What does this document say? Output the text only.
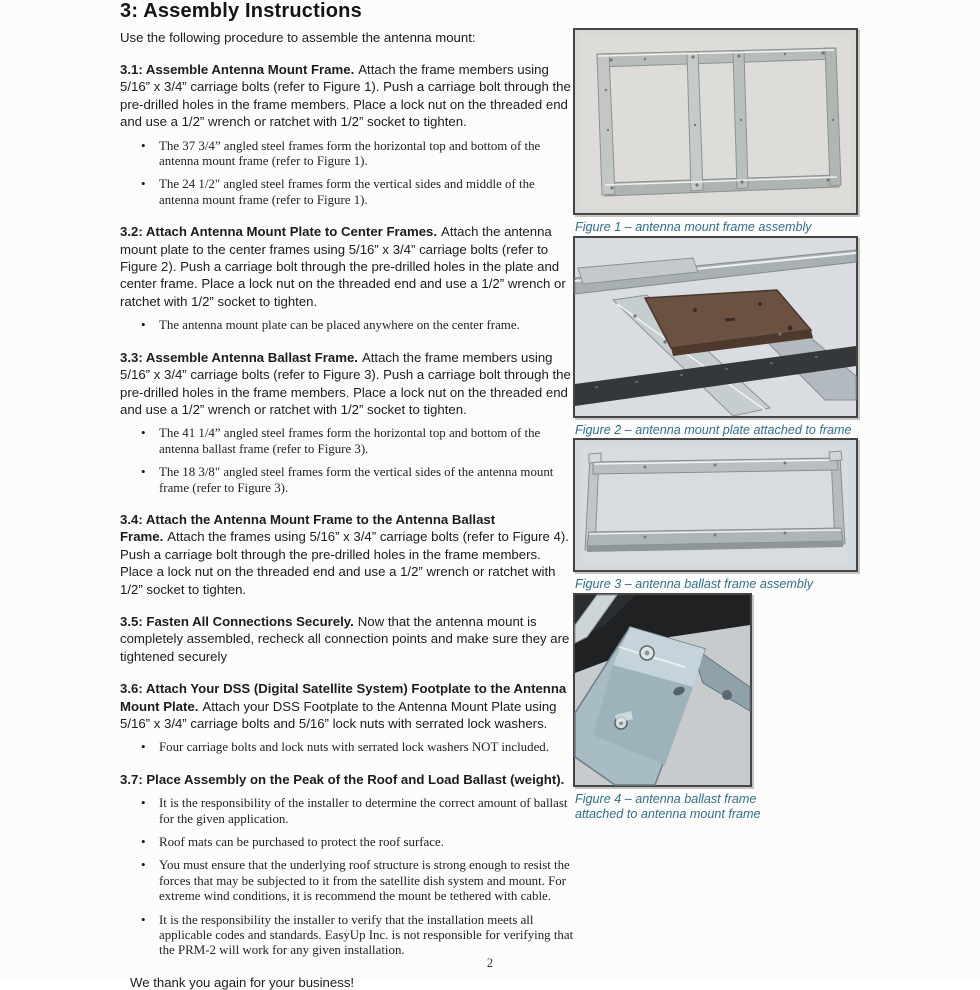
3: Assembly Instructions

Use the following procedure to assemble the antenna mount:

3.1: Assemble Antenna Mount Frame. Attach the frame members using 5/16” x 3/4” carriage bolts (refer to Figure 1). Push a carriage bolt through the pre-drilled holes in the frame members. Place a lock nut on the threaded end and use a 1/2” wrench or ratchet with 1/2” socket to tighten.

• The 37 3/4” angled steel frames form the horizontal top and bottom of the antenna mount frame (refer to Figure 1).
• The 24 1/2" angled steel frames form the vertical sides and middle of the antenna mount frame (refer to Figure 1).

3.2: Attach Antenna Mount Plate to Center Frames. Attach the antenna mount plate to the center frames using 5/16” x 3/4” carriage bolts (refer to Figure 2). Push a carriage bolt through the pre-drilled holes in the plate and center frame. Place a lock nut on the threaded end and use a 1/2” wrench or ratchet with 1/2” socket to tighten.

• The antenna mount plate can be placed anywhere on the center frame.

3.3: Assemble Antenna Ballast Frame. Attach the frame members using 5/16” x 3/4” carriage bolts (refer to Figure 3). Push a carriage bolt through the pre-drilled holes in the frame members. Place a lock nut on the threaded end and use a 1/2” wrench or ratchet with 1/2” socket to tighten.

• The 41 1/4” angled steel frames form the horizontal top and bottom of the antenna ballast frame (refer to Figure 3).
• The 18 3/8" angled steel frames form the vertical sides of the antenna mount frame (refer to Figure 3).

3.4: Attach the Antenna Mount Frame to the Antenna Ballast Frame. Attach the frames using 5/16” x 3/4” carriage bolts (refer to Figure 4). Push a carriage bolt through the pre-drilled holes in the frame members. Place a lock nut on the threaded end and use a 1/2” wrench or ratchet with 1/2” socket to tighten.

3.5: Fasten All Connections Securely. Now that the antenna mount is completely assembled, recheck all connection points and make sure they are tightened securely

3.6: Attach Your DSS (Digital Satellite System) Footplate to the Antenna Mount Plate. Attach your DSS Footplate to the Antenna Mount Plate using 5/16” x 3/4” carriage bolts and 5/16” lock nuts with serrated lock washers.

• Four carriage bolts and lock nuts with serrated lock washers NOT included.

3.7: Place Assembly on the Peak of the Roof and Load Ballast (weight).

• It is the responsibility of the installer to determine the correct amount of ballast for the given application.
• Roof mats can be purchased to protect the roof surface.
• You must ensure that the underlying roof structure is strong enough to resist the forces that may be subjected to it from the satellite dish system and mount. For extreme wind conditions, it is recommend the mount be tethered with cable.
• It is the responsibility the installer to verify that the installation meets all applicable codes and standards. EasyUp Inc. is not responsible for verifying that the PRM-2 will work for any given installation.

We thank you again for your business!

Figure 1 – antenna mount frame assembly
Figure 2 – antenna mount plate attached to frame
Figure 3 – antenna ballast frame assembly
Figure 4 – antenna ballast frame attached to antenna mount frame
2
